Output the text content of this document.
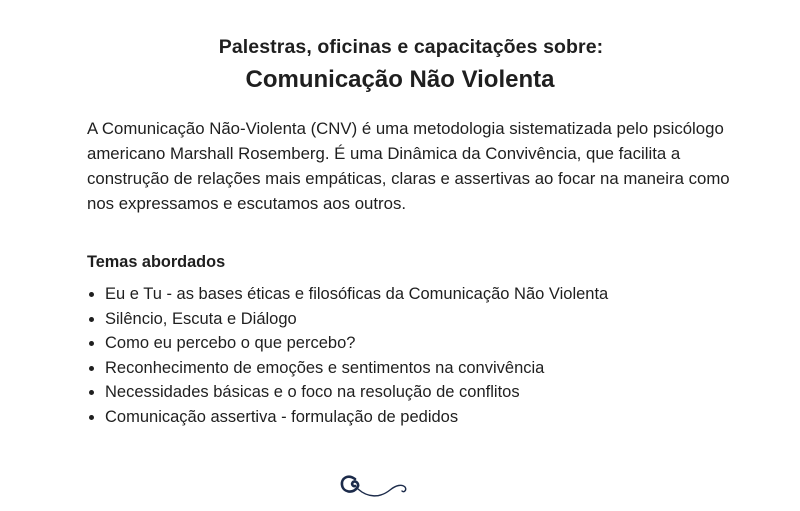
Palestras, oficinas e capacitações sobre:
Comunicação Não Violenta

A Comunicação Não-Violenta (CNV) é uma metodologia sistematizada pelo psicólogo americano Marshall Rosemberg. É uma Dinâmica da Convivência, que facilita a construção de relações mais empáticas, claras e assertivas ao focar na maneira como nos expressamos e escutamos aos outros.

Temas abordados
Eu e Tu - as bases éticas e filosóficas da Comunicação Não Violenta
Silêncio, Escuta e Diálogo
Como eu percebo o que percebo?
Reconhecimento de emoções e sentimentos na convivência
Necessidades básicas e o foco na resolução de conflitos
Comunicação assertiva - formulação de pedidos
